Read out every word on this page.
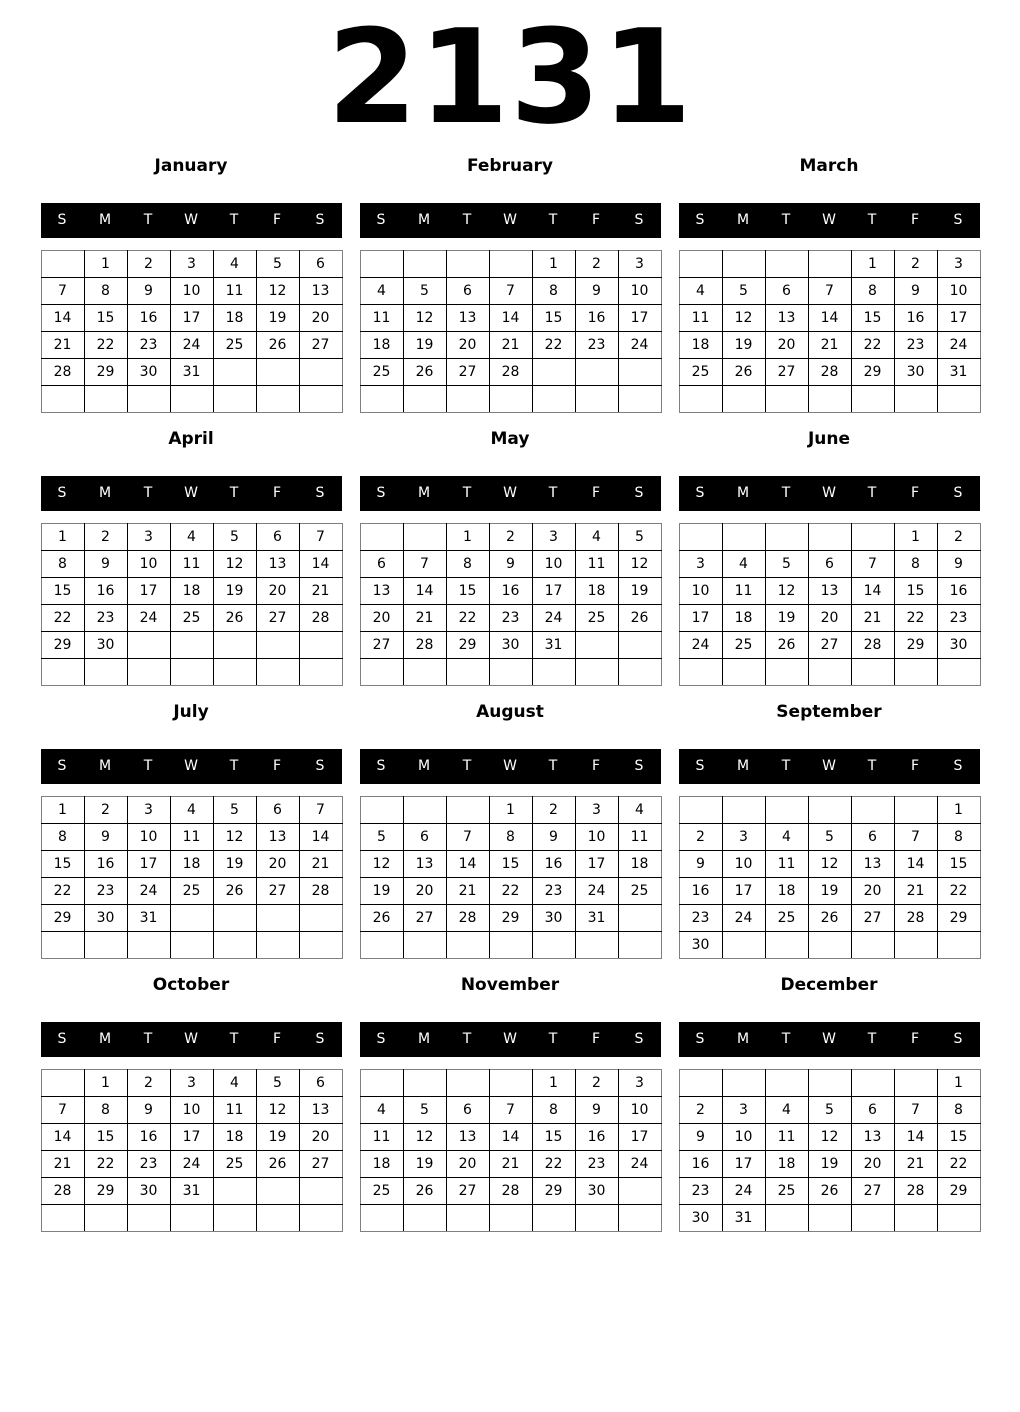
2131
January
S	M	T	W	T	F	S
	1	2	3	4	5	6
7	8	9	10	11	12	13
14	15	16	17	18	19	20
21	22	23	24	25	26	27
28	29	30	31			

February
S	M	T	W	T	F	S
				1	2	3
4	5	6	7	8	9	10
11	12	13	14	15	16	17
18	19	20	21	22	23	24
25	26	27	28			

March
S	M	T	W	T	F	S
				1	2	3
4	5	6	7	8	9	10
11	12	13	14	15	16	17
18	19	20	21	22	23	24
25	26	27	28	29	30	31

April
S	M	T	W	T	F	S
1	2	3	4	5	6	7
8	9	10	11	12	13	14
15	16	17	18	19	20	21
22	23	24	25	26	27	28
29	30					

May
S	M	T	W	T	F	S
		1	2	3	4	5
6	7	8	9	10	11	12
13	14	15	16	17	18	19
20	21	22	23	24	25	26
27	28	29	30	31		

June
S	M	T	W	T	F	S
					1	2
3	4	5	6	7	8	9
10	11	12	13	14	15	16
17	18	19	20	21	22	23
24	25	26	27	28	29	30

July
S	M	T	W	T	F	S
1	2	3	4	5	6	7
8	9	10	11	12	13	14
15	16	17	18	19	20	21
22	23	24	25	26	27	28
29	30	31				

August
S	M	T	W	T	F	S
			1	2	3	4
5	6	7	8	9	10	11
12	13	14	15	16	17	18
19	20	21	22	23	24	25
26	27	28	29	30	31	

September
S	M	T	W	T	F	S
						1
2	3	4	5	6	7	8
9	10	11	12	13	14	15
16	17	18	19	20	21	22
23	24	25	26	27	28	29
30						
October
S	M	T	W	T	F	S
	1	2	3	4	5	6
7	8	9	10	11	12	13
14	15	16	17	18	19	20
21	22	23	24	25	26	27
28	29	30	31			

November
S	M	T	W	T	F	S
				1	2	3
4	5	6	7	8	9	10
11	12	13	14	15	16	17
18	19	20	21	22	23	24
25	26	27	28	29	30	

December
S	M	T	W	T	F	S
						1
2	3	4	5	6	7	8
9	10	11	12	13	14	15
16	17	18	19	20	21	22
23	24	25	26	27	28	29
30	31					
